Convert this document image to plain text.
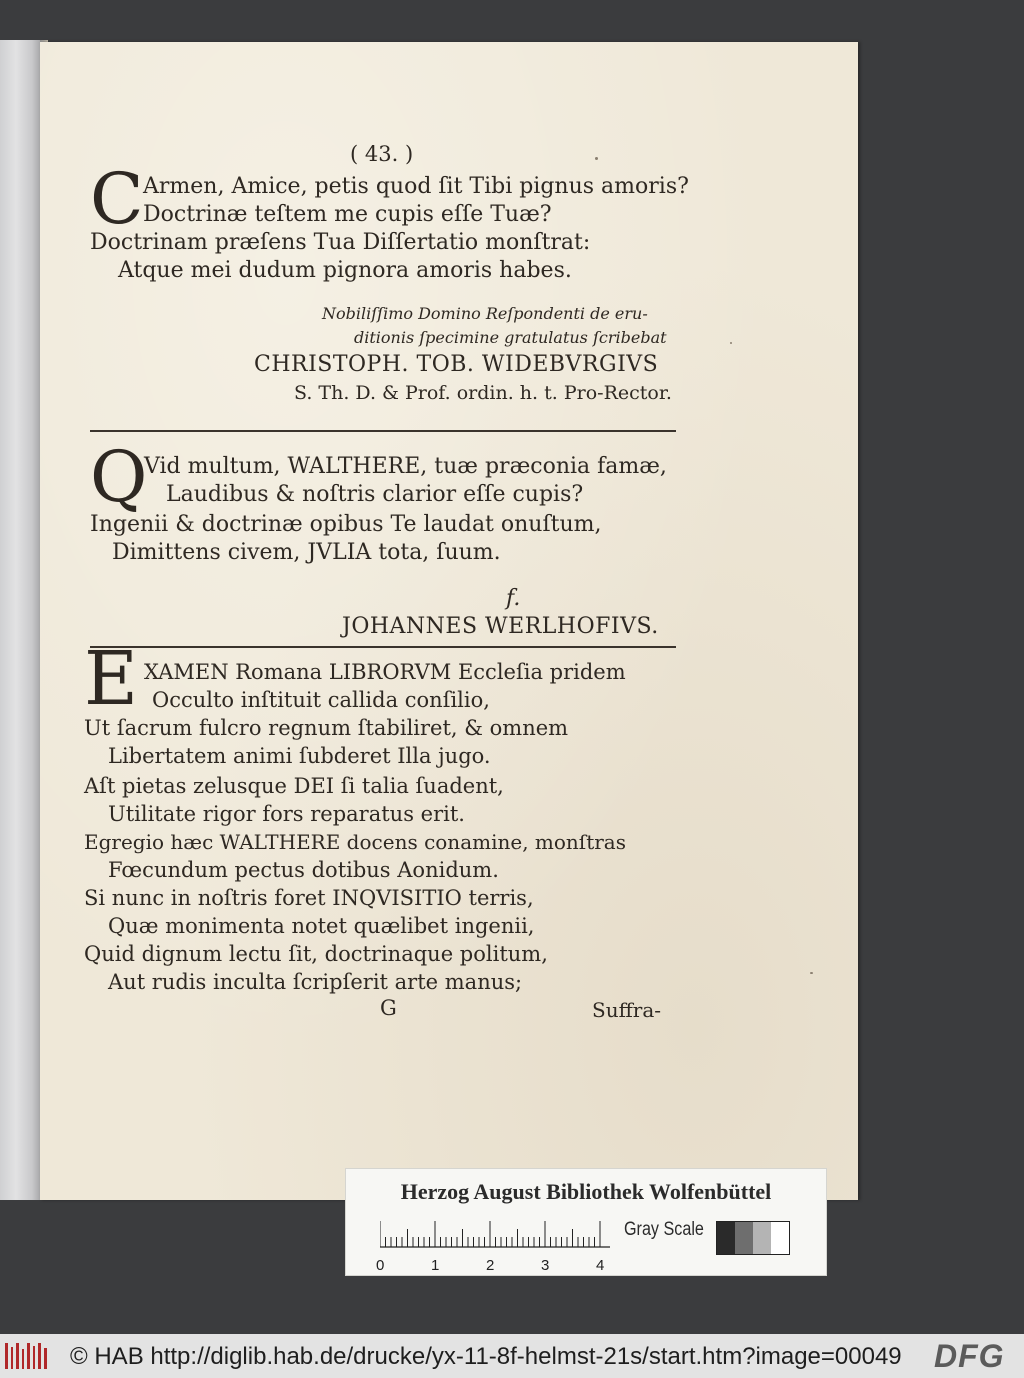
( 43. )
C Armen, Amice, petis quod ſit Tibi pignus amoris?
Doctrinæ teſtem me cupis eſſe Tuæ?
Doctrinam præſens Tua Diſſertatio monſtrat:
Atque mei dudum pignora amoris habes.
Nobiliſſimo Domino Reſpondenti de eru-
ditionis ſpecimine gratulatus ſcribebat
CHRISTOPH. TOB. WIDEBVRGIVS
S. Th. D. & Prof. ordin. h. t. Pro-Rector.
Q
Vid multum, WALTHERE, tuæ præconia famæ,
Laudibus & noſtris clarior eſſe cupis?
Ingenii & doctrinæ opibus Te laudat onuſtum,
Dimittens civem, JVLIA tota, ſuum.
f.
JOHANNES WERLHOFIVS.
E XAMEN Romana LIBRORVM Eccleſia pridem
Occulto inſtituit callida conſilio,
Ut ſacrum fulcro regnum ſtabiliret, & omnem
Libertatem animi ſubderet Illa jugo.
Aſt pietas zelusque DEI ſi talia ſuadent,
Utilitate rigor fors reparatus erit.
Egregio hæc WALTHERE docens conamine, monſtras
Fœcundum pectus dotibus Aonidum.
Si nunc in noſtris foret INQVISITIO terris,
Quæ monimenta notet quælibet ingenii,
Quid dignum lectu ſit, doctrinaque politum,
Aut rudis inculta ſcripſerit arte manus;
G	Suffra-
Herzog August Bibliothek Wolfenbüttel
0	1	2	3	4
Gray Scale
© HAB http://diglib.hab.de/drucke/yx-11-8f-helmst-21s/start.htm?image=00049 DFG
